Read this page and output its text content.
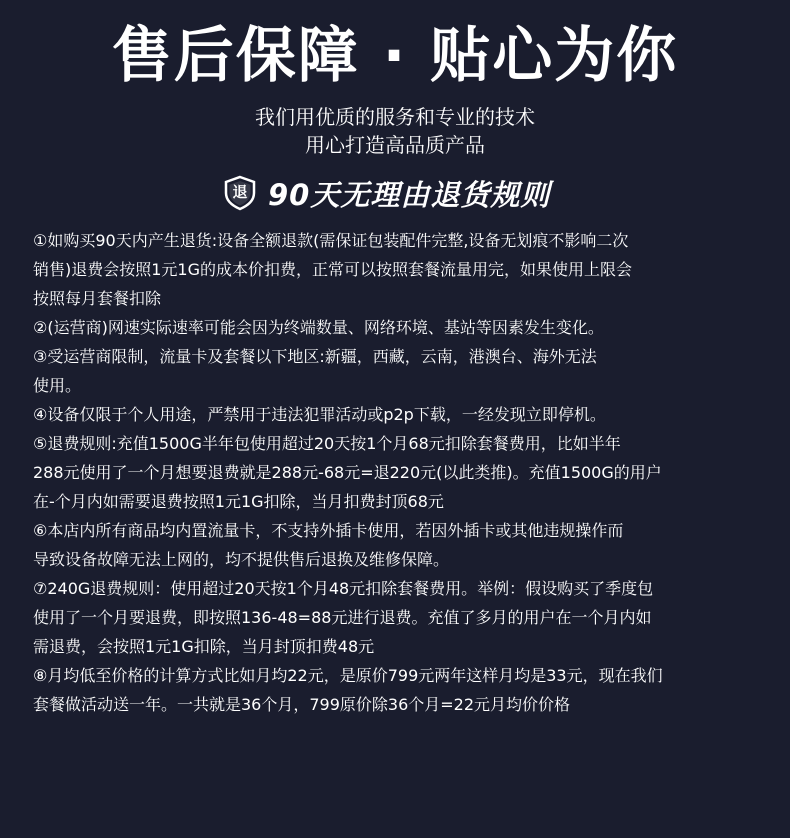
售后保障 · 贴心为你
我们用优质的服务和专业的技术
用心打造高品质产品
退 90天无理由退货规则
①如购买90天内产生退货:设备全额退款(需保证包装配件完整,设备无划痕不影响二次
销售)退费会按照1元1G的成本价扣费，正常可以按照套餐流量用完，如果使用上限会
按照每月套餐扣除
②(运营商)网速实际速率可能会因为终端数量、网络环境、基站等因素发生变化。
③受运营商限制，流量卡及套餐以下地区:新疆，西藏，云南，港澳台、海外无法
使用。
④设备仅限于个人用途，严禁用于违法犯罪活动或p2p下载，一经发现立即停机。
⑤退费规则:充值1500G半年包使用超过20天按1个月68元扣除套餐费用，比如半年
288元使用了一个月想要退费就是288元-68元=退220元(以此类推)。充值1500G的用户
在-个月内如需要退费按照1元1G扣除，当月扣费封顶68元
⑥本店内所有商品均内置流量卡，不支持外插卡使用，若因外插卡或其他违规操作而
导致设备故障无法上网的，均不提供售后退换及维修保障。
⑦240G退费规则：使用超过20天按1个月48元扣除套餐费用。举例：假设购买了季度包
使用了一个月要退费，即按照136-48=88元进行退费。充值了多月的用户在一个月内如
需退费，会按照1元1G扣除，当月封顶扣费48元
⑧月均低至价格的计算方式比如月均22元，是原价799元两年这样月均是33元，现在我们
套餐做活动送一年。一共就是36个月，799原价除36个月=22元月均价价格
